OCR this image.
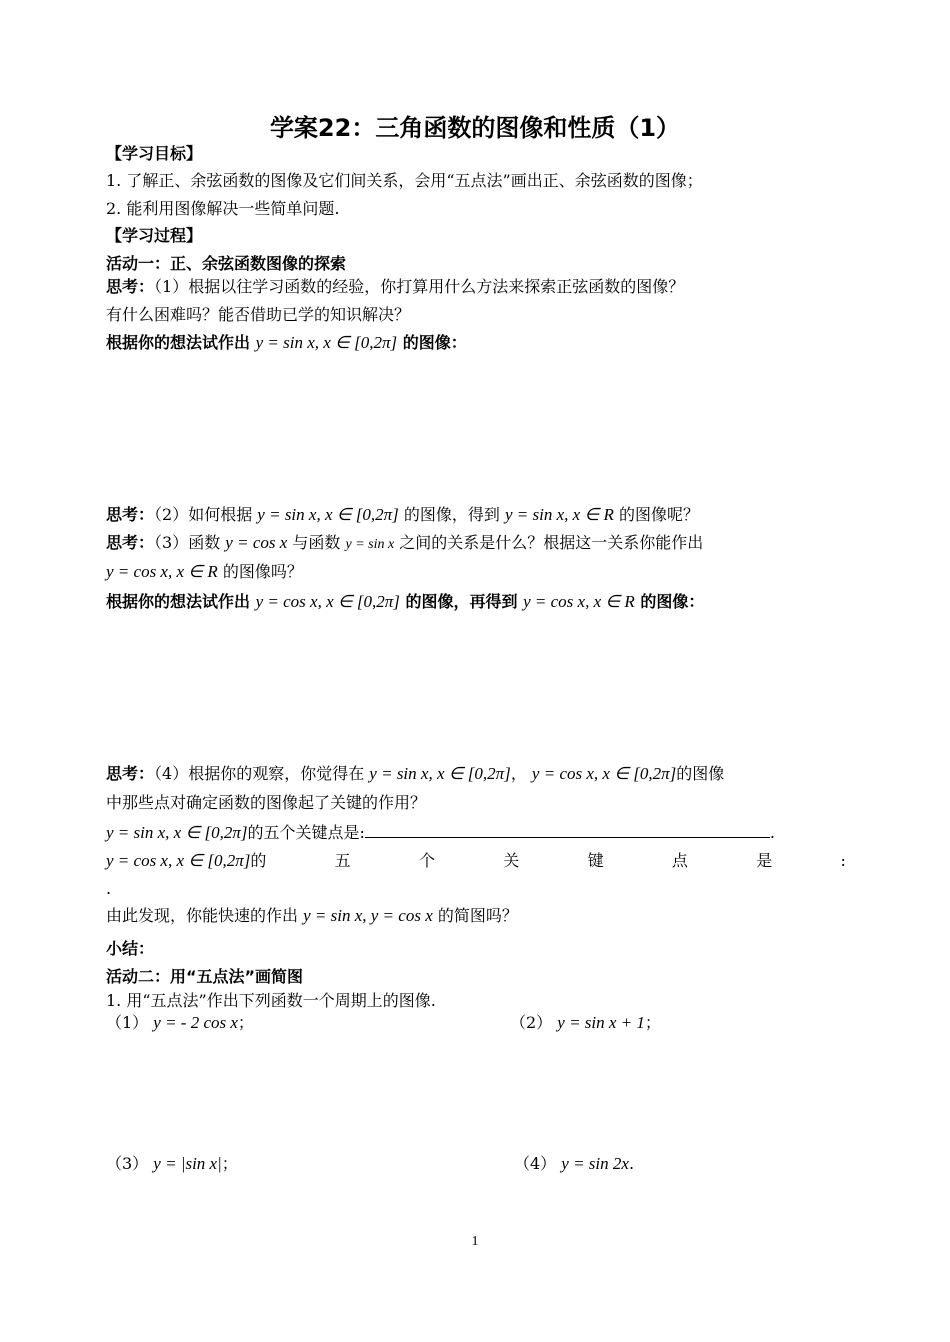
学案22：三角函数的图像和性质（1）
【学习目标】
1. 了解正、余弦函数的图像及它们间关系，会用“五点法”画出正、余弦函数的图像；
2. 能利用图像解决一些简单问题.
【学习过程】
活动一：正、余弦函数图像的探索
思考：（1）根据以往学习函数的经验，你打算用什么方法来探索正弦函数的图像？
有什么困难吗？能否借助已学的知识解决？
根据你的想法试作出 y = sin x, x ∈ [0,2π] 的图像：
思考：（2）如何根据 y = sin x, x ∈ [0,2π] 的图像，得到 y = sin x, x ∈ R 的图像呢？
思考：（3）函数 y = cos x 与函数 y = sin x 之间的关系是什么？根据这一关系你能作出
y = cos x, x ∈ R 的图像吗？
根据你的想法试作出 y = cos x, x ∈ [0,2π] 的图像，再得到 y = cos x, x ∈ R 的图像：
思考：（4）根据你的观察，你觉得在 y = sin x, x ∈ [0,2π]， y = cos x, x ∈ [0,2π]的图像
中那些点对确定函数的图像起了关键的作用？
y = sin x, x ∈ [0,2π]的五个关键点是:	.
y = cos x, x ∈ [0,2π]的	五	个	关	键	点	是	:
.
由此发现，你能快速的作出 y = sin x, y = cos x 的简图吗？
小结：
活动二：用“五点法”画简图
1. 用“五点法”作出下列函数一个周期上的图像.
（1） y = - 2 cos x；	（2） y = sin x + 1；
（3） y = |sin x|；	（4） y = sin 2x.
1
